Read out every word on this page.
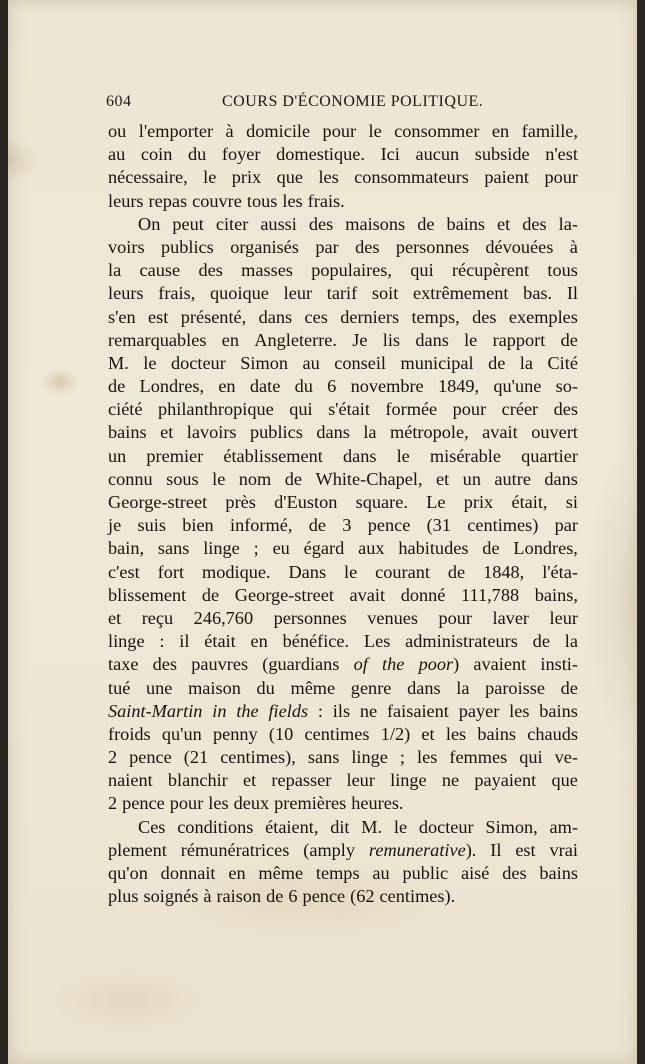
604	COURS D'ÉCONOMIE POLITIQUE.
ou l'emporter à domicile pour le consommer en famille,
au coin du foyer domestique. Ici aucun subside n'est
nécessaire, le prix que les consommateurs paient pour
leurs repas couvre tous les frais.
On peut citer aussi des maisons de bains et des la-
voirs publics organisés par des personnes dévouées à
la cause des masses populaires, qui récupèrent tous
leurs frais, quoique leur tarif soit extrêmement bas. Il
s'en est présenté, dans ces derniers temps, des exemples
remarquables en Angleterre. Je lis dans le rapport de
M. le docteur Simon au conseil municipal de la Cité
de Londres, en date du 6 novembre 1849, qu'une so-
ciété philanthropique qui s'était formée pour créer des
bains et lavoirs publics dans la métropole, avait ouvert
un premier établissement dans le misérable quartier
connu sous le nom de White-Chapel, et un autre dans
George-street près d'Euston square. Le prix était, si
je suis bien informé, de 3 pence (31 centimes) par
bain, sans linge ; eu égard aux habitudes de Londres,
c'est fort modique. Dans le courant de 1848, l'éta-
blissement de George-street avait donné 111,788 bains,
et reçu 246,760 personnes venues pour laver leur
linge : il était en bénéfice. Les administrateurs de la
taxe des pauvres (guardians of the poor) avaient insti-
tué une maison du même genre dans la paroisse de
Saint-Martin in the fields : ils ne faisaient payer les bains
froids qu'un penny (10 centimes 1/2) et les bains chauds
2 pence (21 centimes), sans linge ; les femmes qui ve-
naient blanchir et repasser leur linge ne payaient que
2 pence pour les deux premières heures.
Ces conditions étaient, dit M. le docteur Simon, am-
plement rémunératrices (amply remunerative). Il est vrai
qu'on donnait en même temps au public aisé des bains
plus soignés à raison de 6 pence (62 centimes).
